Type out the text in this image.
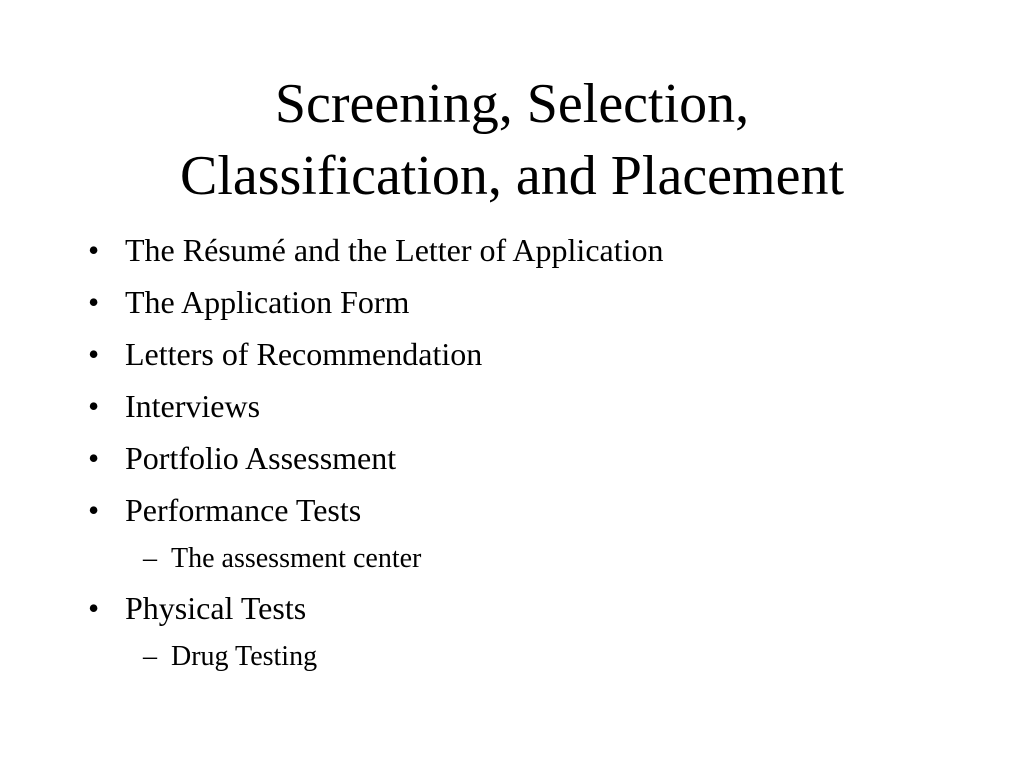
Screening, Selection,
Classification, and Placement
• The Résumé and the Letter of Application
• The Application Form
• Letters of Recommendation
• Interviews
• Portfolio Assessment
• Performance Tests
– The assessment center
• Physical Tests
– Drug Testing
